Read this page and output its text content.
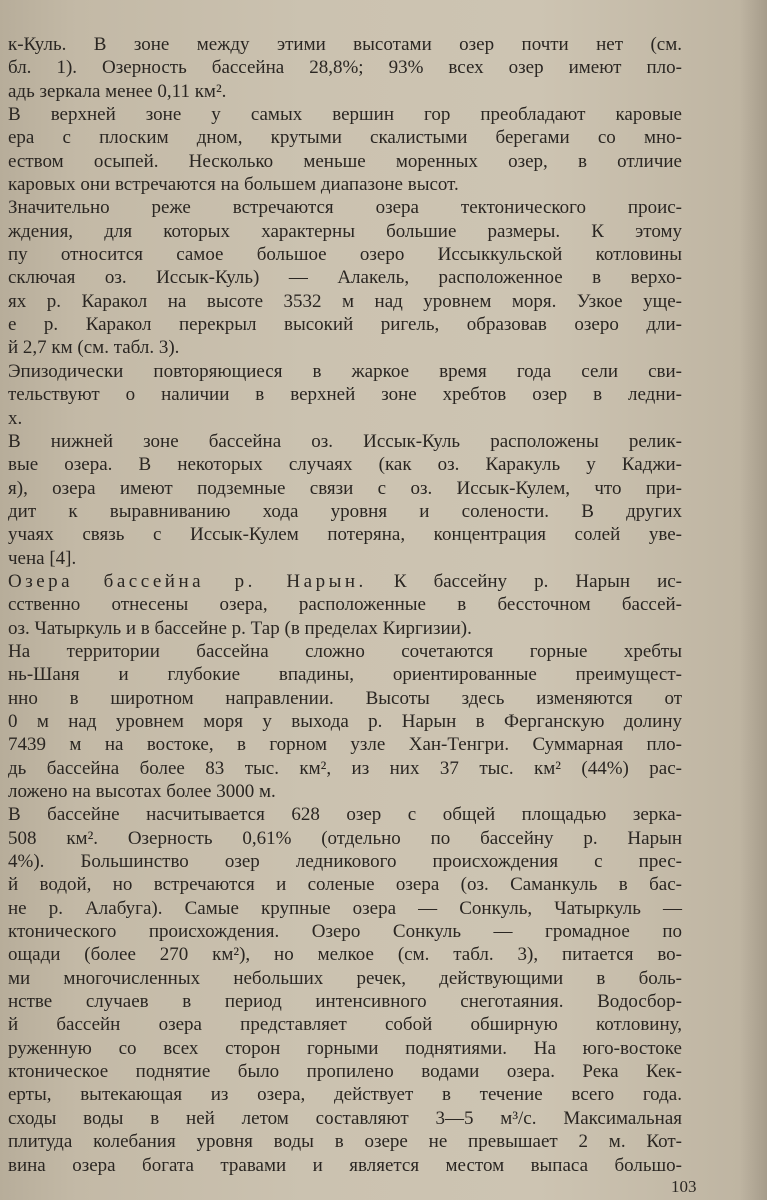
к-Куль. В зоне между этими высотами озер почти нет (см.
бл. 1). Озерность бассейна 28,8%; 93% всех озер имеют пло-
адь зеркала менее 0,11 км².
В верхней зоне у самых вершин гор преобладают каровые
ера с плоским дном, крутыми скалистыми берегами со мно-
еством осыпей. Несколько меньше моренных озер, в отличие
каровых они встречаются на большем диапазоне высот.
Значительно реже встречаются озера тектонического проис-
ждения, для которых характерны большие размеры. К этому
пу относится самое большое озеро Иссыккульской котловины
сключая оз. Иссык-Куль) — Алакель, расположенное в верхо-
ях р. Каракол на высоте 3532 м над уровнем моря. Узкое ущe-
е р. Каракол перекрыл высокий ригель, образовав озеро дли-
й 2,7 км (см. табл. 3).
Эпизодически повторяющиеся в жаркое время года сели сви-
тельствуют о наличии в верхней зоне хребтов озер в ледни-
х.
В нижней зоне бассейна оз. Иссык-Куль расположены релик-
вые озера. В некоторых случаях (как оз. Каракуль у Каджи-
я), озера имеют подземные связи с оз. Иссык-Кулем, что при-
дит к выравниванию хода уровня и солености. В других
учаях связь с Иссык-Кулем потеряна, концентрация солей уве-
чена [4].
Озера бассейна р. Нарын. К бассейну р. Нарын ис-
сственно отнесены озера, расположенные в бессточном бассей-
оз. Чатыркуль и в бассейне р. Тар (в пределах Киргизии).
На территории бассейна сложно сочетаются горные хребты
нь-Шаня и глубокие впадины, ориентированные преимущест-
нно в широтном направлении. Высоты здесь изменяются от
0 м над уровнем моря у выхода р. Нарын в Ферганскую долину
7439 м на востоке, в горном узле Хан-Тенгри. Суммарная пло-
дь бассейна более 83 тыс. км², из них 37 тыс. км² (44%) рас-
ложено на высотах более 3000 м.
В бассейне насчитывается 628 озер с общей площадью зерка-
508 км². Озерность 0,61% (отдельно по бассейну р. Нарын
4%). Большинство озер ледникового происхождения с прес-
й водой, но встречаются и соленые озера (оз. Саманкуль в бас-
не р. Алабуга). Самые крупные озера — Сонкуль, Чатыркуль —
ктонического происхождения. Озеро Сонкуль — громадное по
ощади (более 270 км²), но мелкое (см. табл. 3), питается во-
ми многочисленных небольших речек, действующими в боль-
нстве случаев в период интенсивного снеготаяния. Водосбор-
й бассейн озера представляет собой обширную котловину,
руженную со всех сторон горными поднятиями. На юго-востоке
ктоническое поднятие было пропилено водами озера. Река Кек-
ерты, вытекающая из озера, действует в течение всего года.
сходы воды в ней летом составляют 3—5 м³/с. Максимальная
плитуда колебания уровня воды в озере не превышает 2 м. Кот-
вина озера богата травами и является местом выпаса большо-
103
